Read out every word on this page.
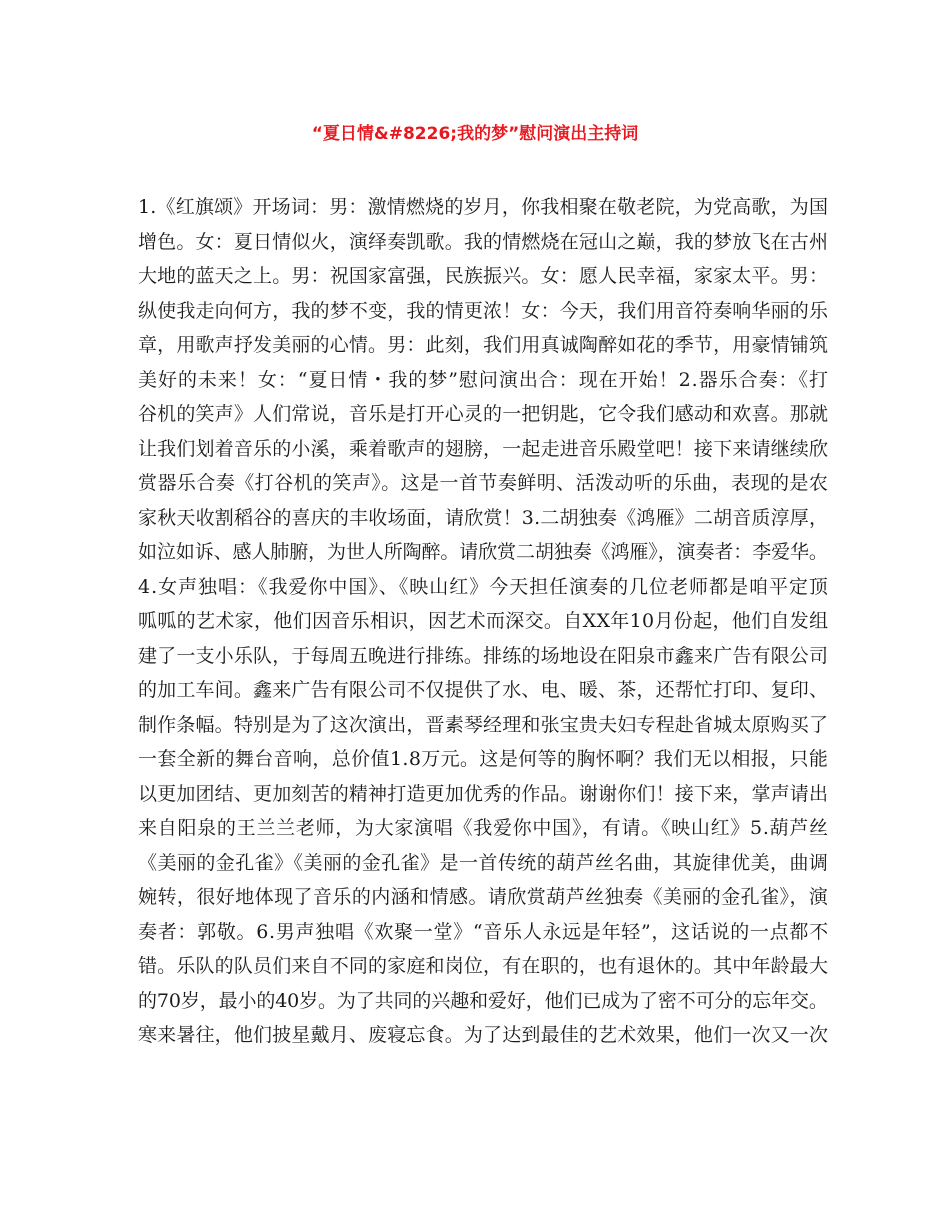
“夏日情&#8226;我的梦”慰问演出主持词
1.《红旗颂》开场词：男：激情燃烧的岁月，你我相聚在敬老院，为党高歌，为国
增色。女：夏日情似火，演绎奏凯歌。我的情燃烧在冠山之巅，我的梦放飞在古州
大地的蓝天之上。男：祝国家富强，民族振兴。女：愿人民幸福，家家太平。男：
纵使我走向何方，我的梦不变，我的情更浓！女：今天，我们用音符奏响华丽的乐
章，用歌声抒发美丽的心情。男：此刻，我们用真诚陶醉如花的季节，用豪情铺筑
美好的未来！女：“夏日情・我的梦”慰问演出合：现在开始！2.器乐合奏：《打
谷机的笑声》人们常说，音乐是打开心灵的一把钥匙，它令我们感动和欢喜。那就
让我们划着音乐的小溪，乘着歌声的翅膀，一起走进音乐殿堂吧！接下来请继续欣
赏器乐合奏《打谷机的笑声》。这是一首节奏鲜明、活泼动听的乐曲，表现的是农
家秋天收割稻谷的喜庆的丰收场面，请欣赏！3.二胡独奏《鸿雁》二胡音质淳厚，
如泣如诉、感人肺腑，为世人所陶醉。请欣赏二胡独奏《鸿雁》，演奏者：李爱华。
4.女声独唱：《我爱你中国》、《映山红》今天担任演奏的几位老师都是咱平定顶
呱呱的艺术家，他们因音乐相识，因艺术而深交。自XX年10月份起，他们自发组
建了一支小乐队，于每周五晚进行排练。排练的场地设在阳泉市鑫来广告有限公司
的加工车间。鑫来广告有限公司不仅提供了水、电、暖、茶，还帮忙打印、复印、
制作条幅。特别是为了这次演出，晋素琴经理和张宝贵夫妇专程赴省城太原购买了
一套全新的舞台音响，总价值1.8万元。这是何等的胸怀啊？我们无以相报，只能
以更加团结、更加刻苦的精神打造更加优秀的作品。谢谢你们！接下来，掌声请出
来自阳泉的王兰兰老师，为大家演唱《我爱你中国》，有请。《映山红》5.葫芦丝
《美丽的金孔雀》《美丽的金孔雀》是一首传统的葫芦丝名曲，其旋律优美，曲调
婉转，很好地体现了音乐的内涵和情感。请欣赏葫芦丝独奏《美丽的金孔雀》，演
奏者：郭敬。6.男声独唱《欢聚一堂》“音乐人永远是年轻”，这话说的一点都不
错。乐队的队员们来自不同的家庭和岗位，有在职的，也有退休的。其中年龄最大
的70岁，最小的40岁。为了共同的兴趣和爱好，他们已成为了密不可分的忘年交。
寒来暑往，他们披星戴月、废寝忘食。为了达到最佳的艺术效果，他们一次又一次
